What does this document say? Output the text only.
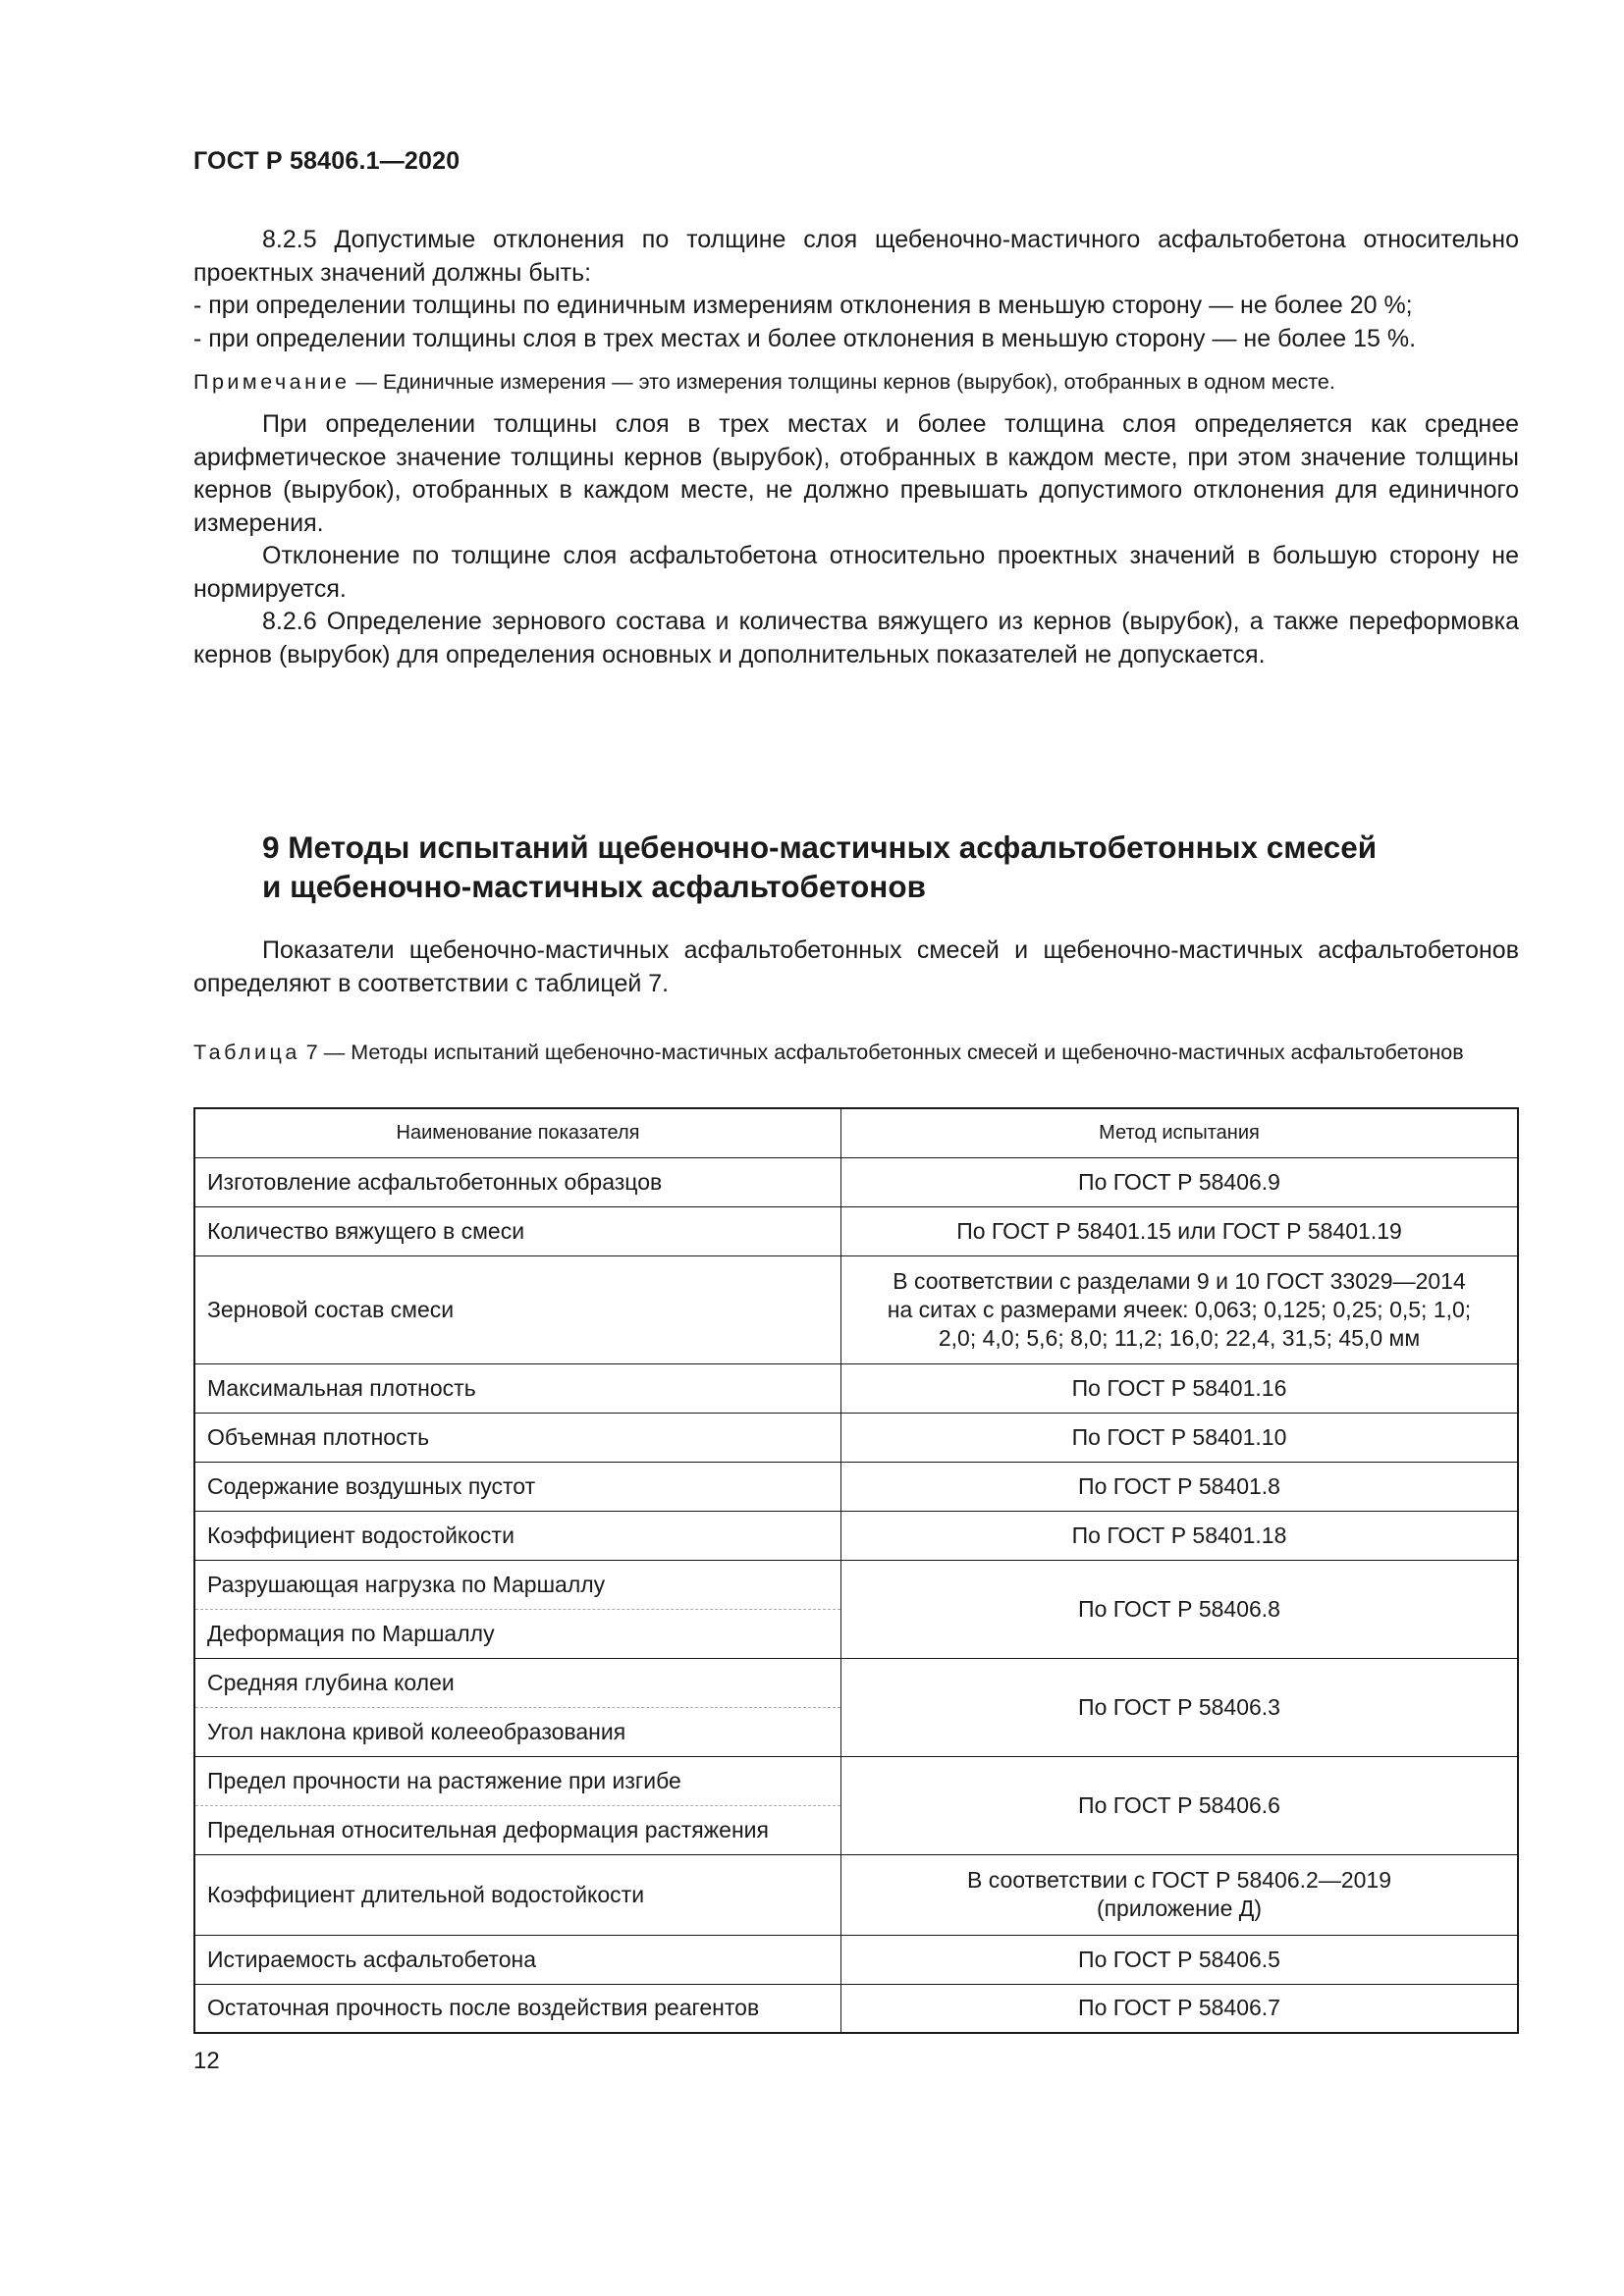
ГОСТ Р 58406.1—2020

8.2.5 Допустимые отклонения по толщине слоя щебеночно-мастичного асфальтобетона относительно проектных значений должны быть:

- при определении толщины по единичным измерениям отклонения в меньшую сторону — не более 20 %;

- при определении толщины слоя в трех местах и более отклонения в меньшую сторону — не более 15 %.

Примечание — Единичные измерения — это измерения толщины кернов (вырубок), отобранных в одном месте.

При определении толщины слоя в трех местах и более толщина слоя определяется как среднее арифметическое значение толщины кернов (вырубок), отобранных в каждом месте, при этом значение толщины кернов (вырубок), отобранных в каждом месте, не должно превышать допустимого отклонения для единичного измерения.

Отклонение по толщине слоя асфальтобетона относительно проектных значений в большую сторону не нормируется.

8.2.6 Определение зернового состава и количества вяжущего из кернов (вырубок), а также переформовка кернов (вырубок) для определения основных и дополнительных показателей не допускается.

9 Методы испытаний щебеночно-мастичных асфальтобетонных смесей
и щебеночно-мастичных асфальтобетонов

Показатели щебеночно-мастичных асфальтобетонных смесей и щебеночно-мастичных асфальтобетонов определяют в соответствии с таблицей 7.

Таблица 7 — Методы испытаний щебеночно-мастичных асфальтобетонных смесей и щебеночно-мастичных асфальтобетонов

Наименование показателя	Метод испытания
Изготовление асфальтобетонных образцов	По ГОСТ Р 58406.9
Количество вяжущего в смеси	По ГОСТ Р 58401.15 или ГОСТ Р 58401.19
Зерновой состав смеси	В соответствии с разделами 9 и 10 ГОСТ 33029—2014
на ситах с размерами ячеек: 0,063; 0,125; 0,25; 0,5; 1,0;
2,0; 4,0; 5,6; 8,0; 11,2; 16,0; 22,4, 31,5; 45,0 мм
Максимальная плотность	По ГОСТ Р 58401.16
Объемная плотность	По ГОСТ Р 58401.10
Содержание воздушных пустот	По ГОСТ Р 58401.8
Коэффициент водостойкости	По ГОСТ Р 58401.18
Разрушающая нагрузка по Маршаллу	По ГОСТ Р 58406.8
Деформация по Маршаллу	
Средняя глубина колеи	По ГОСТ Р 58406.3
Угол наклона кривой колееобразования	
Предел прочности на растяжение при изгибе	По ГОСТ Р 58406.6
Предельная относительная деформация растяжения	
Коэффициент длительной водостойкости	В соответствии с ГОСТ Р 58406.2—2019
(приложение Д)
Истираемость асфальтобетона	По ГОСТ Р 58406.5
Остаточная прочность после воздействия реагентов	По ГОСТ Р 58406.7
12
